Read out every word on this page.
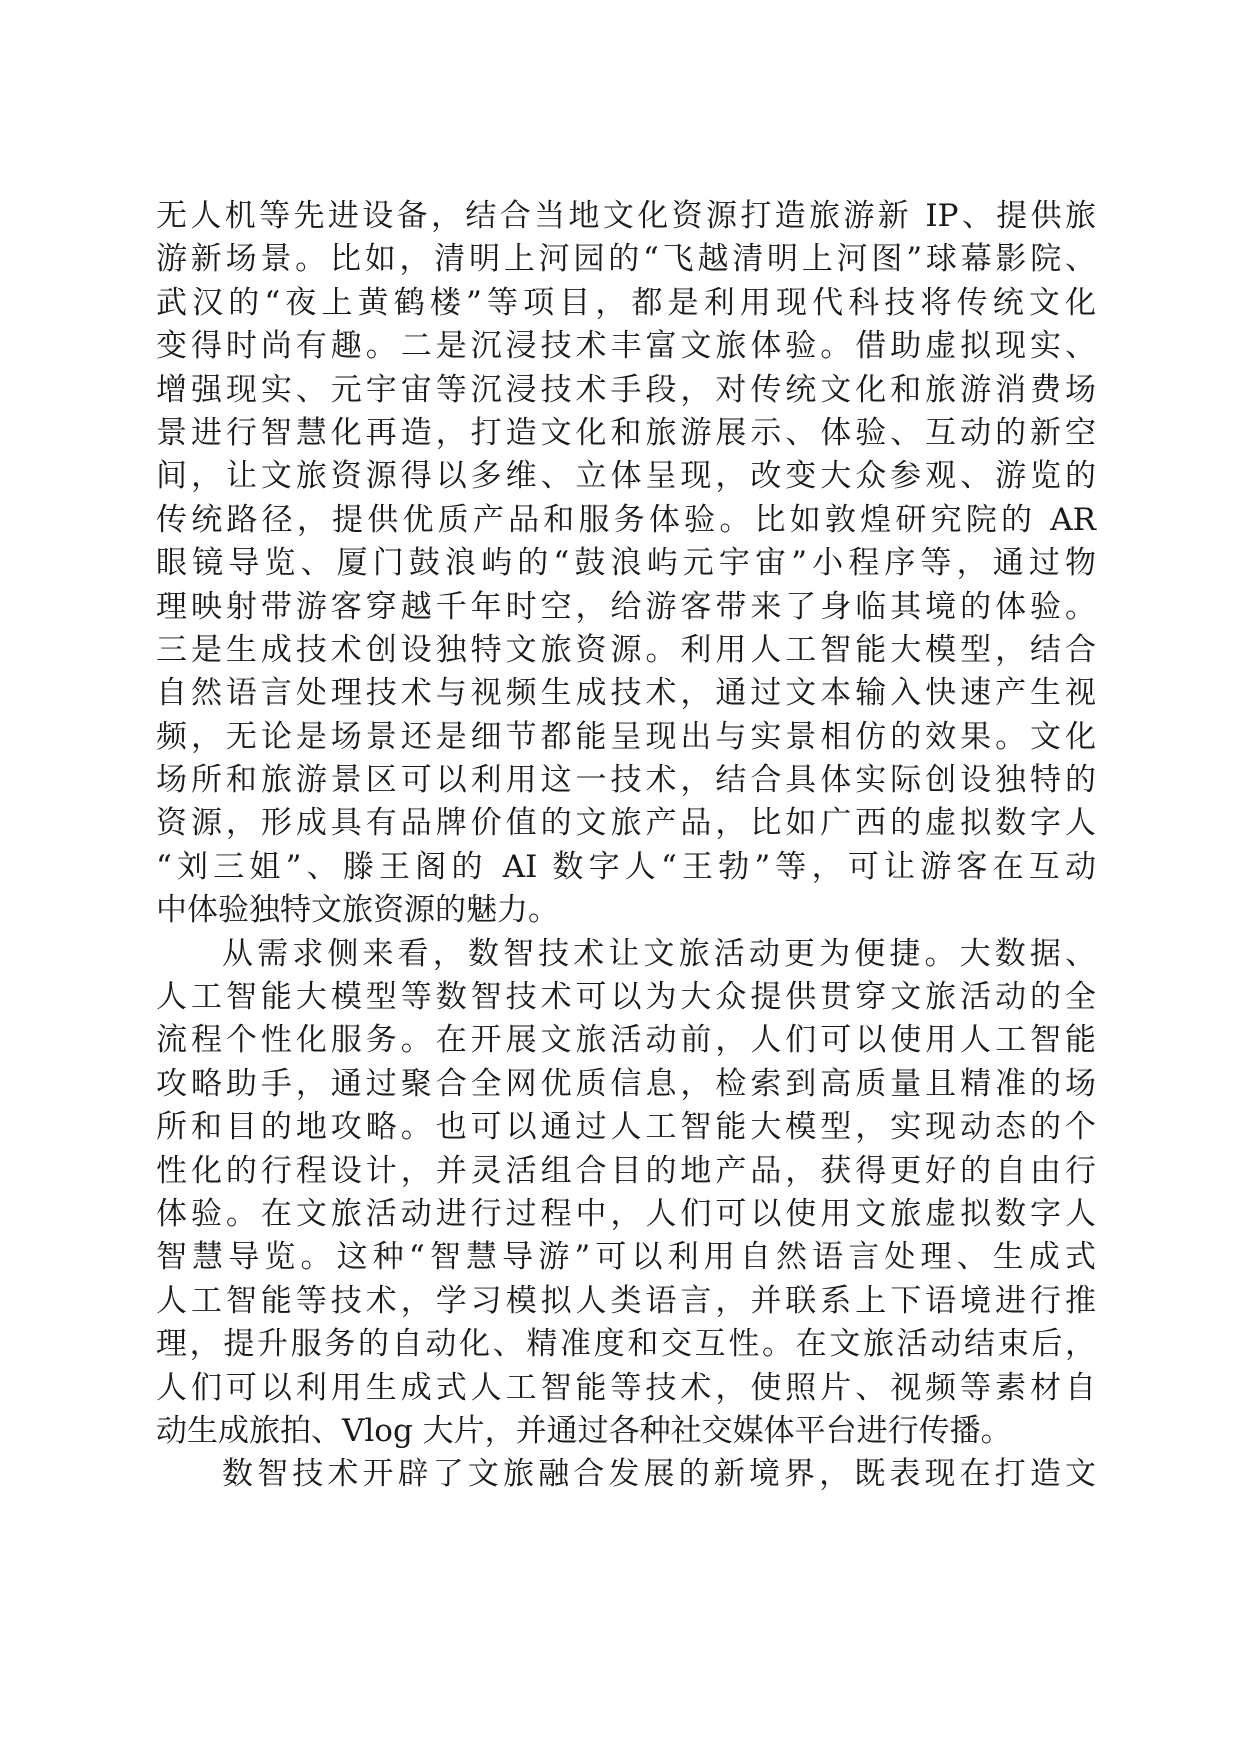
无人机等先进设备，结合当地文化资源打造旅游新 IP、提供旅
游新场景。比如，清明上河园的“飞越清明上河图”球幕影院、
武汉的“夜上黄鹤楼”等项目，都是利用现代科技将传统文化
变得时尚有趣。二是沉浸技术丰富文旅体验。借助虚拟现实、
增强现实、元宇宙等沉浸技术手段，对传统文化和旅游消费场
景进行智慧化再造，打造文化和旅游展示、体验、互动的新空
间，让文旅资源得以多维、立体呈现，改变大众参观、游览的
传统路径，提供优质产品和服务体验。比如敦煌研究院的 AR
眼镜导览、厦门鼓浪屿的“鼓浪屿元宇宙”小程序等，通过物
理映射带游客穿越千年时空，给游客带来了身临其境的体验。
三是生成技术创设独特文旅资源。利用人工智能大模型，结合
自然语言处理技术与视频生成技术，通过文本输入快速产生视
频，无论是场景还是细节都能呈现出与实景相仿的效果。文化
场所和旅游景区可以利用这一技术，结合具体实际创设独特的
资源，形成具有品牌价值的文旅产品，比如广西的虚拟数字人
“刘三姐”、滕王阁的 AI 数字人“王勃”等，可让游客在互动
中体验独特文旅资源的魅力。
从需求侧来看，数智技术让文旅活动更为便捷。大数据、
人工智能大模型等数智技术可以为大众提供贯穿文旅活动的全
流程个性化服务。在开展文旅活动前，人们可以使用人工智能
攻略助手，通过聚合全网优质信息，检索到高质量且精准的场
所和目的地攻略。也可以通过人工智能大模型，实现动态的个
性化的行程设计，并灵活组合目的地产品，获得更好的自由行
体验。在文旅活动进行过程中，人们可以使用文旅虚拟数字人
智慧导览。这种“智慧导游”可以利用自然语言处理、生成式
人工智能等技术，学习模拟人类语言，并联系上下语境进行推
理，提升服务的自动化、精准度和交互性。在文旅活动结束后，
人们可以利用生成式人工智能等技术，使照片、视频等素材自
动生成旅拍、Vlog 大片，并通过各种社交媒体平台进行传播。
数智技术开辟了文旅融合发展的新境界，既表现在打造文
